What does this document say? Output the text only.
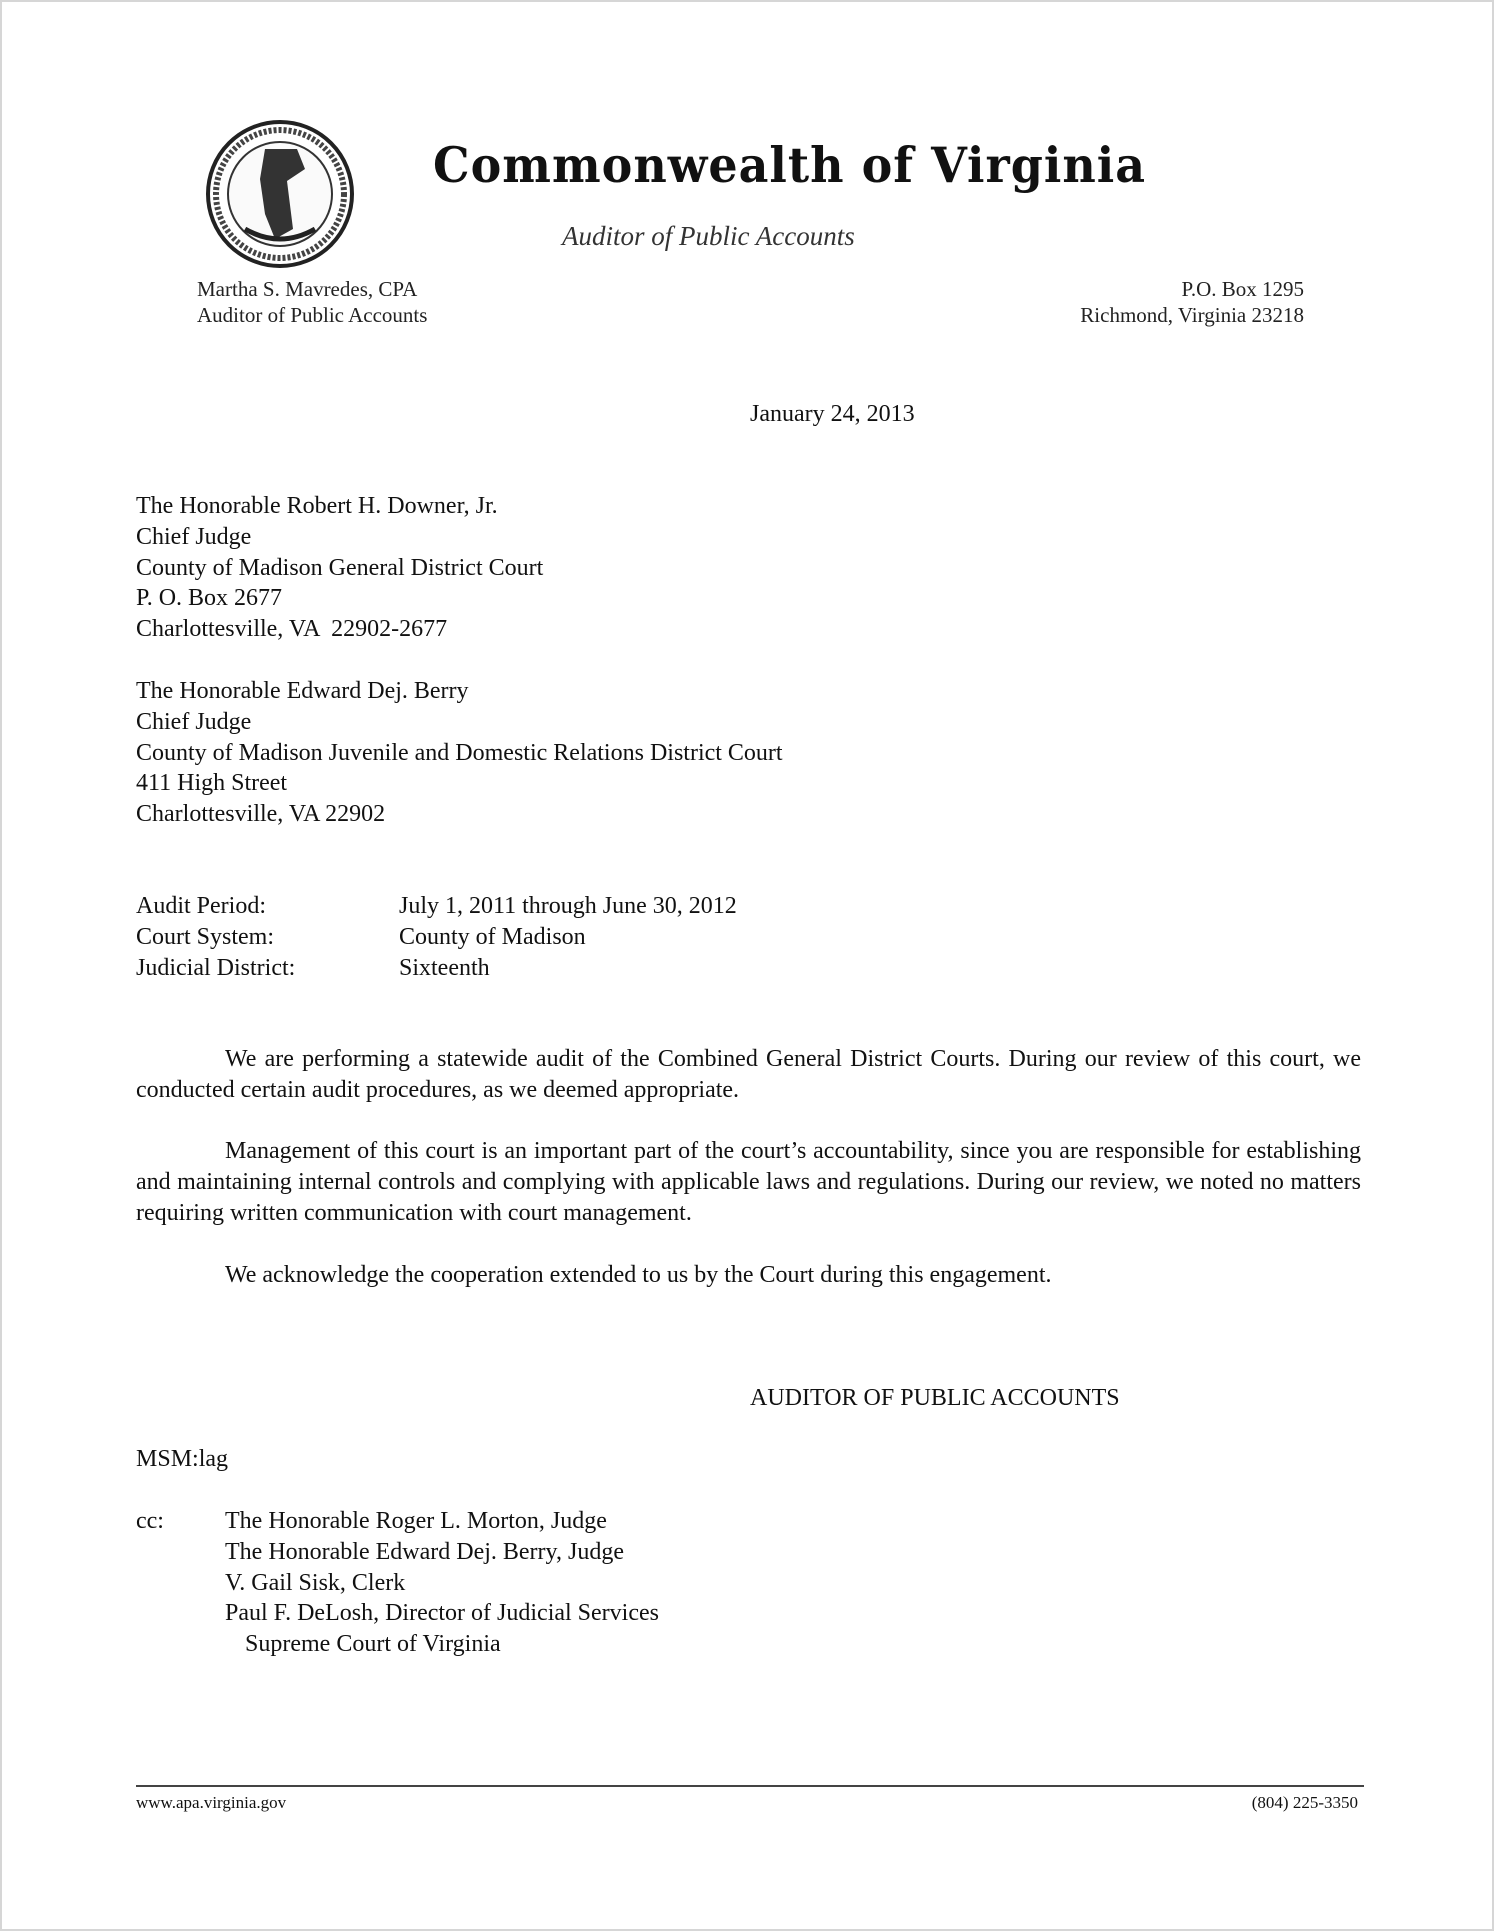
Commonwealth of Virginia
Auditor of Public Accounts
Martha S. Mavredes, CPA
Auditor of Public Accounts
P.O. Box 1295
Richmond, Virginia 23218
January 24, 2013
The Honorable Robert H. Downer, Jr.
Chief Judge
County of Madison General District Court
P. O. Box 2677
Charlottesville, VA  22902-2677
The Honorable Edward Dej. Berry
Chief Judge
County of Madison Juvenile and Domestic Relations District Court
411 High Street
Charlottesville, VA 22902
Audit Period:
Court System:
Judicial District:
July 1, 2011 through June 30, 2012
County of Madison
Sixteenth
We are performing a statewide audit of the Combined General District Courts. During our review of this court, we conducted certain audit procedures, as we deemed appropriate.
Management of this court is an important part of the court’s accountability, since you are responsible for establishing and maintaining internal controls and complying with applicable laws and regulations. During our review, we noted no matters requiring written communication with court management.
We acknowledge the cooperation extended to us by the Court during this engagement.
AUDITOR OF PUBLIC ACCOUNTS
MSM:lag
cc:	The Honorable Roger L. Morton, Judge
The Honorable Edward Dej. Berry, Judge
V. Gail Sisk, Clerk
Paul F. DeLosh, Director of Judicial Services
Supreme Court of Virginia
www.apa.virginia.gov	(804) 225-3350
